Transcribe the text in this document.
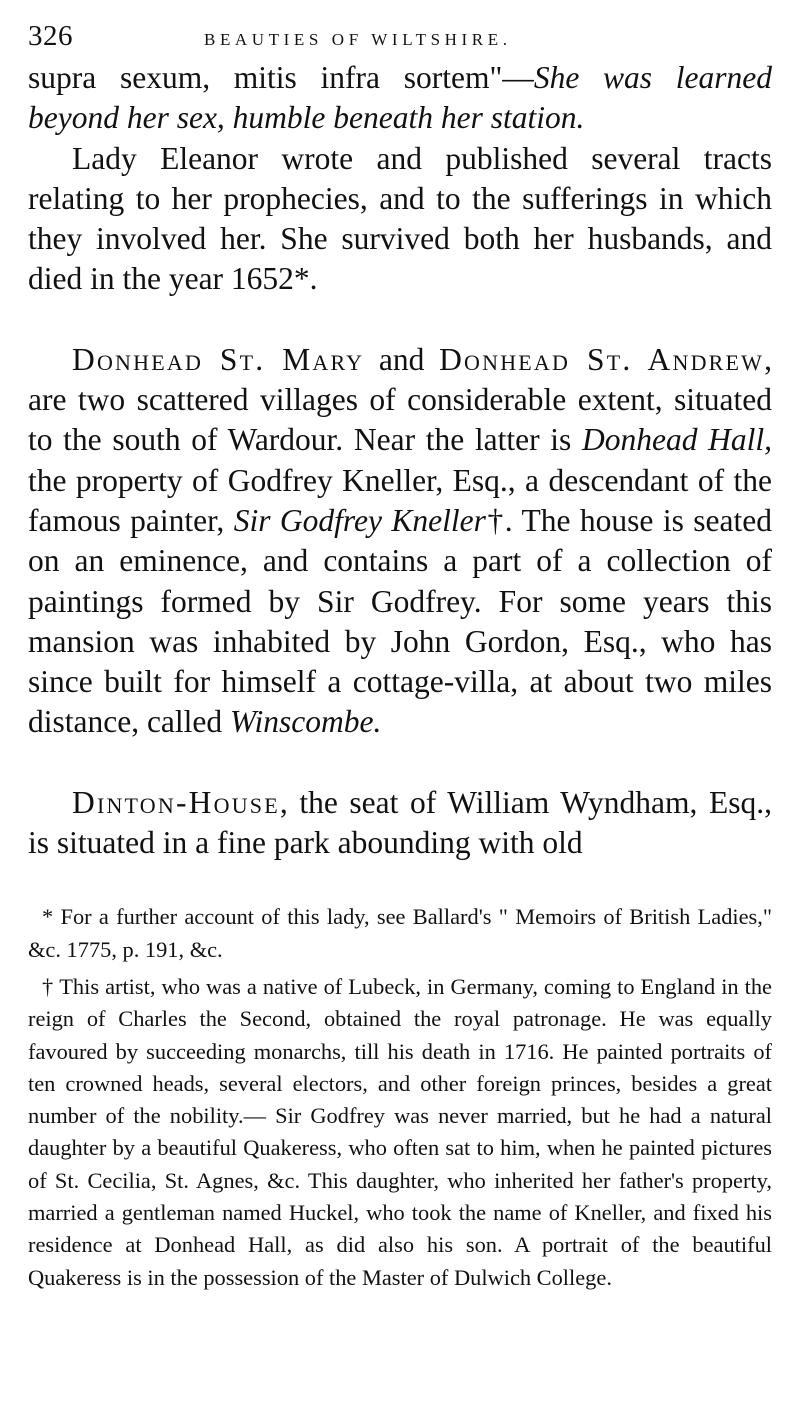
326	BEAUTIES OF WILTSHIRE.

supra sexum, mitis infra sortem"—She was learned beyond her sex, humble beneath her station.

Lady Eleanor wrote and published several tracts relating to her prophecies, and to the sufferings in which they involved her. She survived both her husbands, and died in the year 1652*.

Donhead St. Mary and Donhead St. Andrew, are two scattered villages of considerable extent, situated to the south of Wardour. Near the latter is Donhead Hall, the property of Godfrey Kneller, Esq., a descendant of the famous painter, Sir Godfrey Kneller†. The house is seated on an eminence, and contains a part of a collection of paintings formed by Sir Godfrey. For some years this mansion was inhabited by John Gordon, Esq., who has since built for himself a cottage-villa, at about two miles distance, called Winscombe.

Dinton-House, the seat of William Wyndham, Esq., is situated in a fine park abounding with old

* For a further account of this lady, see Ballard's " Memoirs of British Ladies," &c. 1775, p. 191, &c.

† This artist, who was a native of Lubeck, in Germany, coming to England in the reign of Charles the Second, obtained the royal patronage. He was equally favoured by succeeding monarchs, till his death in 1716. He painted portraits of ten crowned heads, several electors, and other foreign princes, besides a great number of the nobility.— Sir Godfrey was never married, but he had a natural daughter by a beautiful Quakeress, who often sat to him, when he painted pictures of St. Cecilia, St. Agnes, &c. This daughter, who inherited her father's property, married a gentleman named Huckel, who took the name of Kneller, and fixed his residence at Donhead Hall, as did also his son. A portrait of the beautiful Quakeress is in the possession of the Master of Dulwich College.
